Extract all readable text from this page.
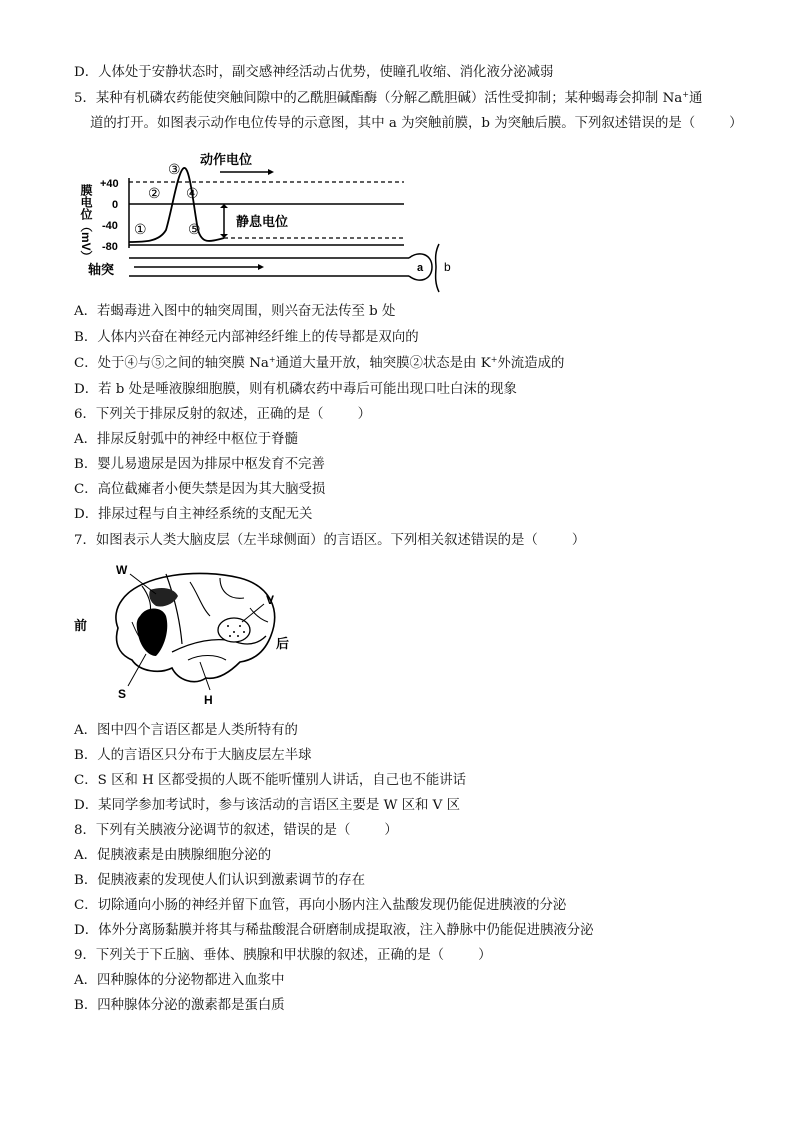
D．人体处于安静状态时，副交感神经活动占优势，使瞳孔收缩、消化液分泌减弱
5．某种有机磷农药能使突触间隙中的乙酰胆碱酯酶（分解乙酰胆碱）活性受抑制；某种蝎毒会抑制 Na+通
道的打开。如图表示动作电位传导的示意图，其中 a 为突触前膜，b 为突触后膜。下列叙述错误的是（	）
膜电位（mV） +40
0
-40
-80
①
②
③
④
⑤
动作电位
静息电位
轴突	a b
A．若蝎毒进入图中的轴突周围，则兴奋无法传至 b 处
B．人体内兴奋在神经元内部神经纤维上的传导都是双向的
C．处于④与⑤之间的轴突膜 Na+通道大量开放，轴突膜②状态是由 K+外流造成的
D．若 b 处是唾液腺细胞膜，则有机磷农药中毒后可能出现口吐白沫的现象
6．下列关于排尿反射的叙述，正确的是（	）
A．排尿反射弧中的神经中枢位于脊髓
B．婴儿易遗尿是因为排尿中枢发育不完善
C．高位截瘫者小便失禁是因为其大脑受损
D．排尿过程与自主神经系统的支配无关
7．如图表示人类大脑皮层（左半球侧面）的言语区。下列相关叙述错误的是（	）
W
V
S	H
前
后
A．图中四个言语区都是人类所特有的
B．人的言语区只分布于大脑皮层左半球
C．S 区和 H 区都受损的人既不能听懂别人讲话，自己也不能讲话
D．某同学参加考试时，参与该活动的言语区主要是 W 区和 V 区
8．下列有关胰液分泌调节的叙述，错误的是（	）
A．促胰液素是由胰腺细胞分泌的
B．促胰液素的发现使人们认识到激素调节的存在
C．切除通向小肠的神经并留下血管，再向小肠内注入盐酸发现仍能促进胰液的分泌
D．体外分离肠黏膜并将其与稀盐酸混合研磨制成提取液，注入静脉中仍能促进胰液分泌
9．下列关于下丘脑、垂体、胰腺和甲状腺的叙述，正确的是（	）
A．四种腺体的分泌物都进入血浆中
B．四种腺体分泌的激素都是蛋白质
